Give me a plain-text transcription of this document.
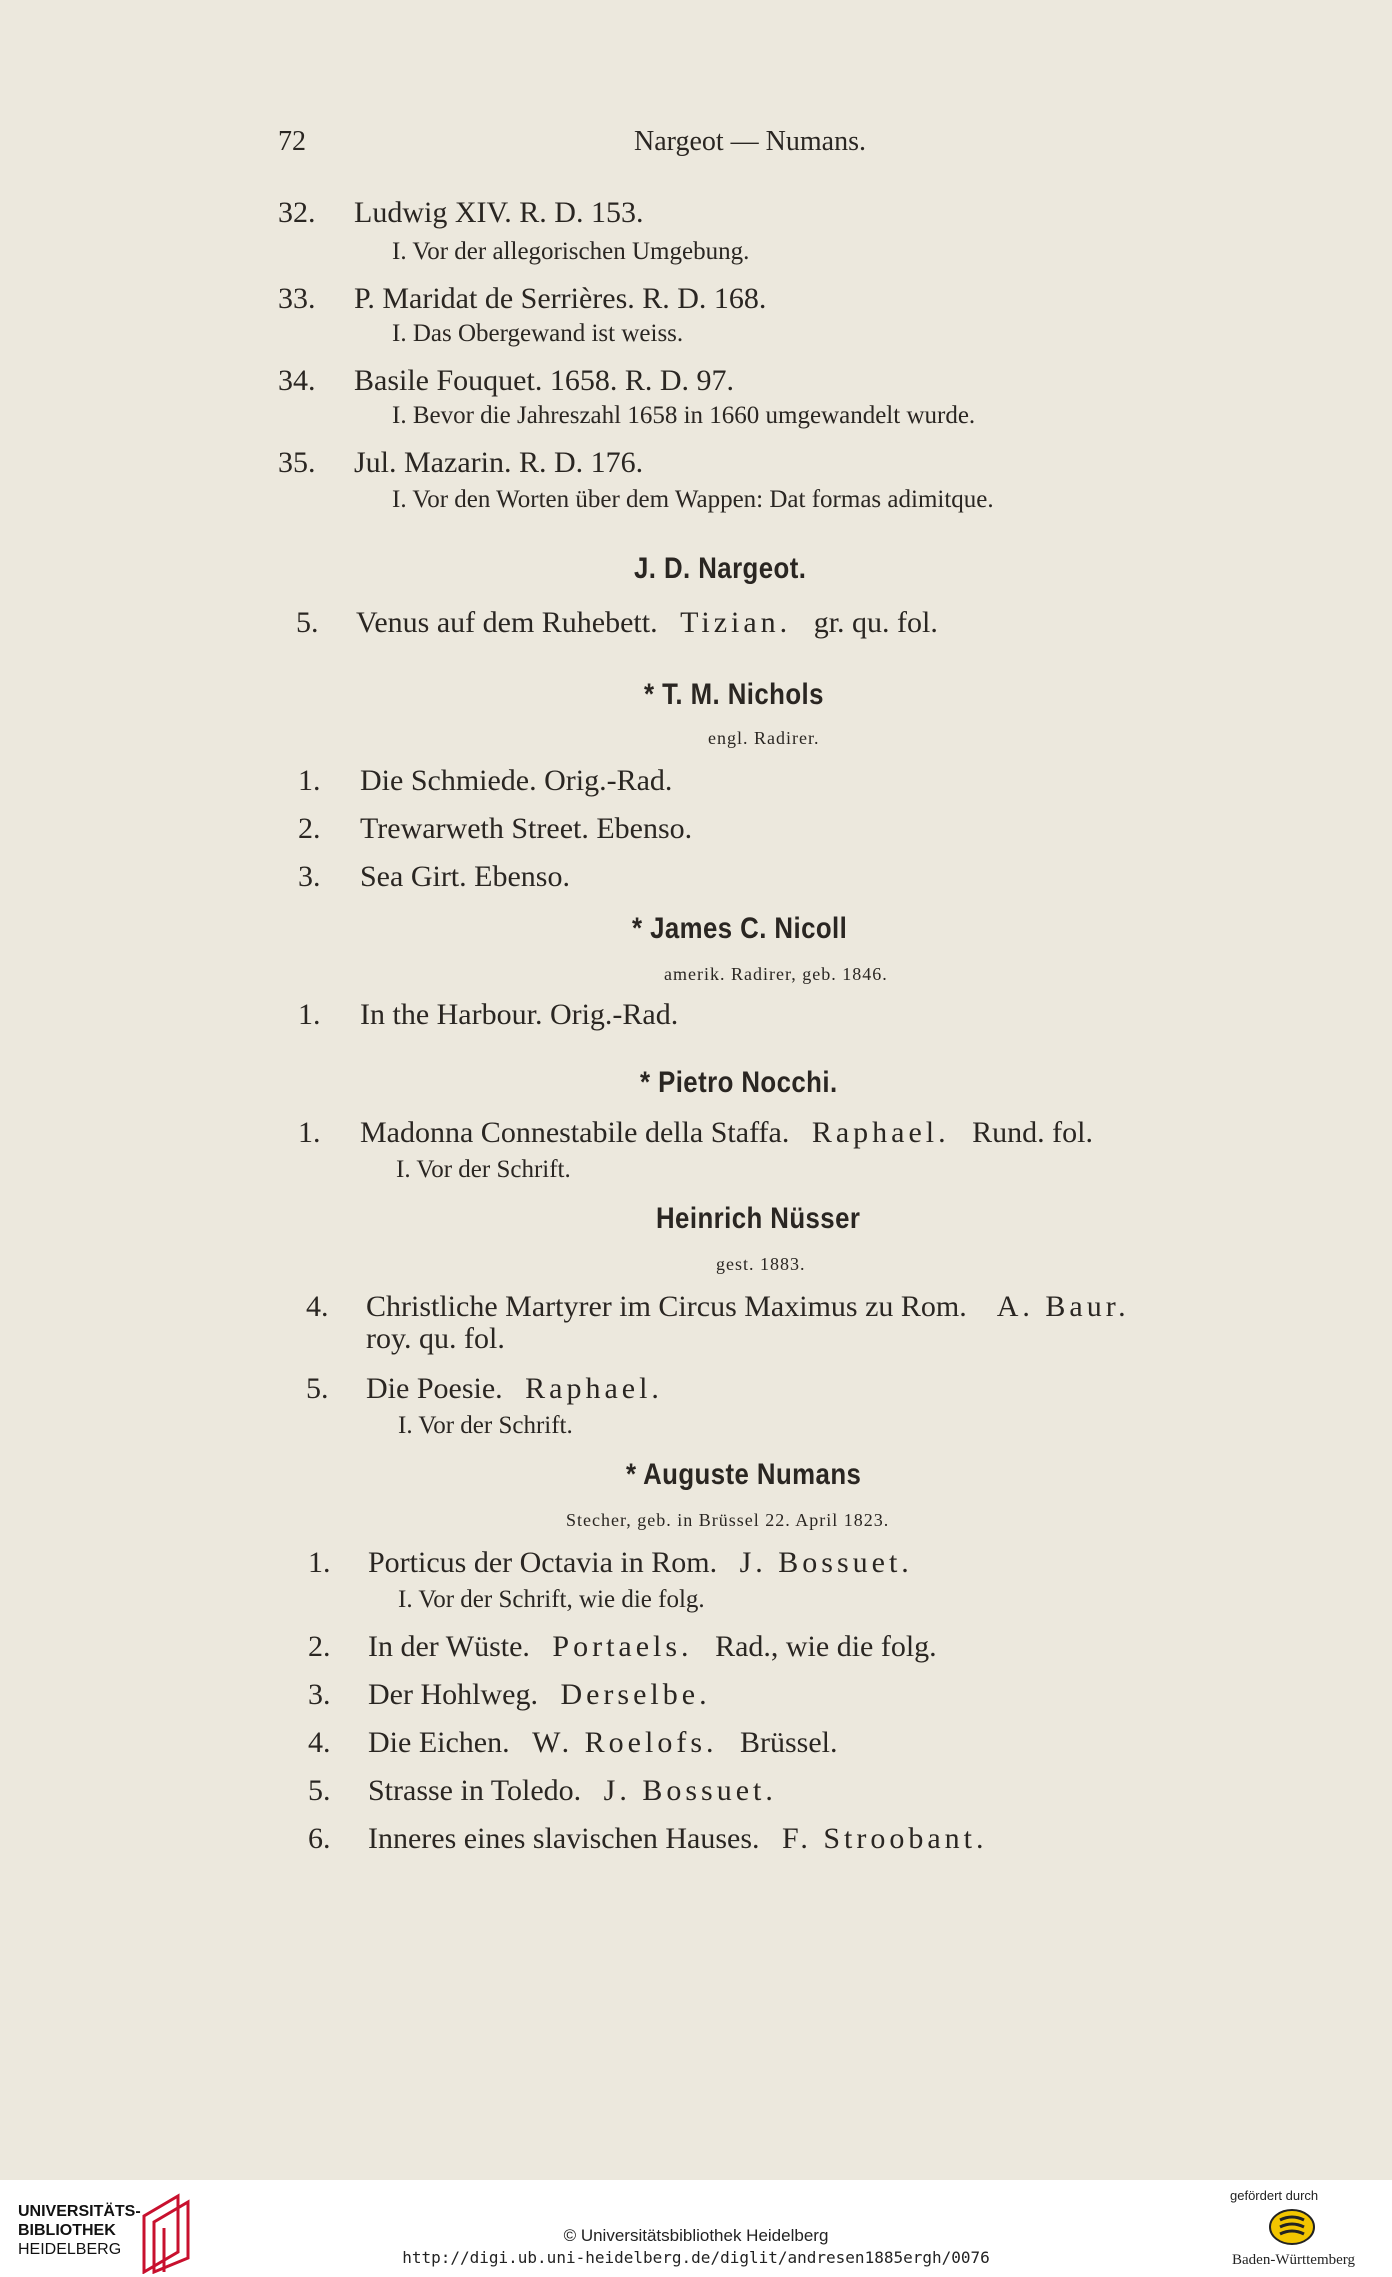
72	Nargeot — Numans.
32. Ludwig XIV. R. D. 153.
I. Vor der allegorischen Umgebung.
33. P. Maridat de Serrières. R. D. 168.
I. Das Obergewand ist weiss.
34. Basile Fouquet. 1658. R. D. 97.
I. Bevor die Jahreszahl 1658 in 1660 umgewandelt wurde.
35. Jul. Mazarin. R. D. 176.
I. Vor den Worten über dem Wappen: Dat formas adimitque.
J. D. Nargeot.
5. Venus auf dem Ruhebett. Tizian. gr. qu. fol.
* T. M. Nichols
engl. Radirer.
1. Die Schmiede. Orig.-Rad.
2. Trewarweth Street. Ebenso.
3. Sea Girt. Ebenso.
* James C. Nicoll
amerik. Radirer, geb. 1846.
1. In the Harbour. Orig.-Rad.
* Pietro Nocchi.
1. Madonna Connestabile della Staffa. Raphael. Rund. fol.
I. Vor der Schrift.
Heinrich Nüsser
gest. 1883.
4. Christliche Martyrer im Circus Maximus zu Rom. A. Baur.
roy. qu. fol.
5. Die Poesie. Raphael.
I. Vor der Schrift.
* Auguste Numans
Stecher, geb. in Brüssel 22. April 1823.
1. Porticus der Octavia in Rom. J. Bossuet.
I. Vor der Schrift, wie die folg.
2. In der Wüste. Portaels. Rad., wie die folg.
3. Der Hohlweg. Derselbe.
4. Die Eichen. W. Roelofs. Brüssel.
5. Strasse in Toledo. J. Bossuet.
6. Inneres eines slavischen Hauses. F. Stroobant.
UNIVERSITÄTS-
BIBLIOTHEK
HEIDELBERG
© Universitätsbibliothek Heidelberg
http://digi.ub.uni-heidelberg.de/diglit/andresen1885ergh/0076
gefördert durch
Baden-Württemberg
